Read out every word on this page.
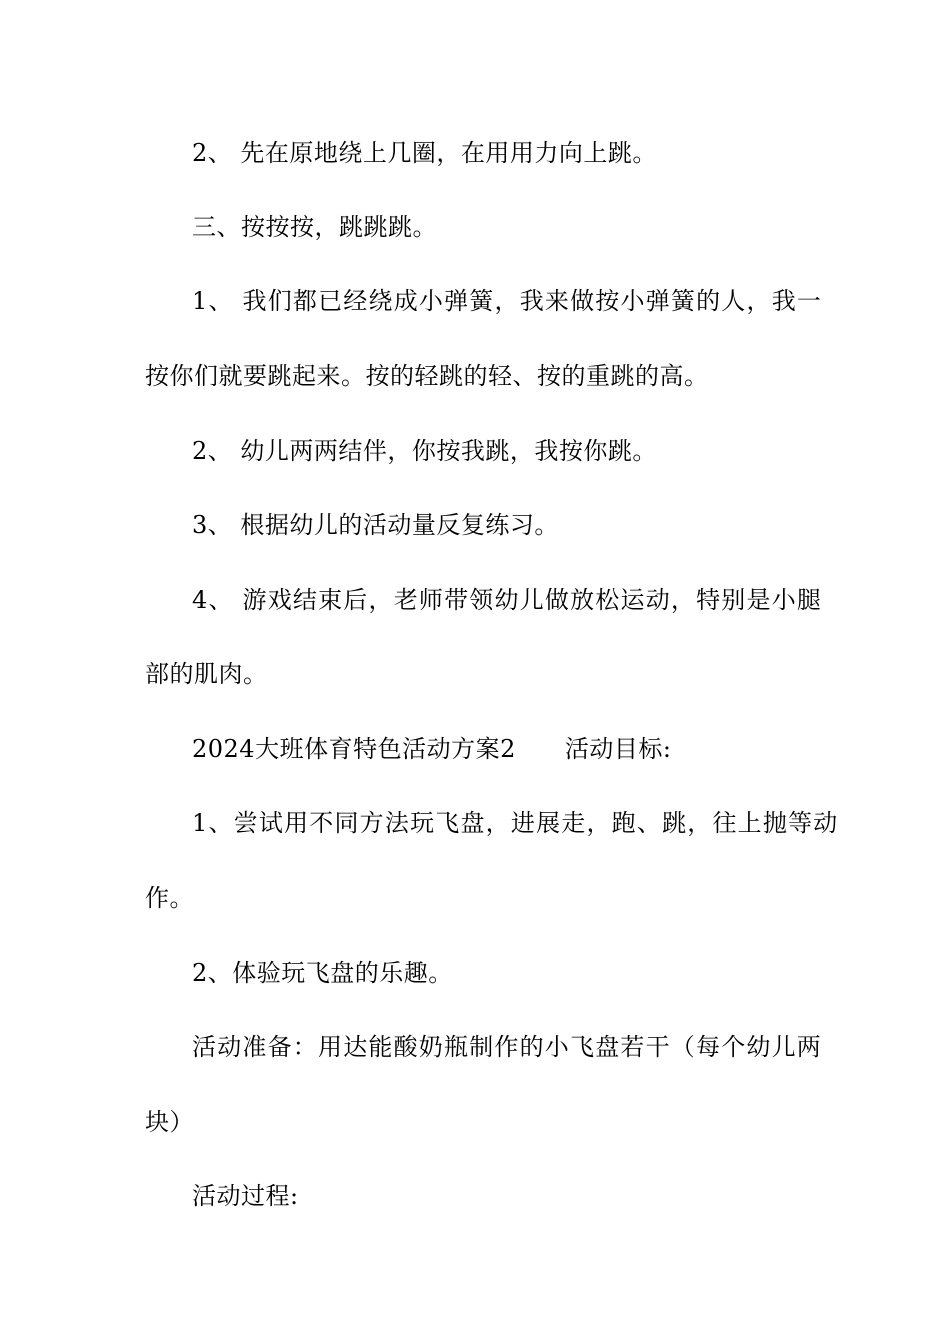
2、 先在原地绕上几圈，在用用力向上跳。
三、按按按，跳跳跳。
1、 我们都已经绕成小弹簧，我来做按小弹簧的人，我一
按你们就要跳起来。按的轻跳的轻、按的重跳的高。
2、 幼儿两两结伴，你按我跳，我按你跳。
3、 根据幼儿的活动量反复练习。
4、 游戏结束后，老师带领幼儿做放松运动，特别是小腿
部的肌肉。
2024大班体育特色活动方案2　　活动目标:
1、尝试用不同方法玩飞盘，进展走，跑、跳，往上抛等动
作。
2、体验玩飞盘的乐趣。
活动准备：用达能酸奶瓶制作的小飞盘若干（每个幼儿两
块）
活动过程:
